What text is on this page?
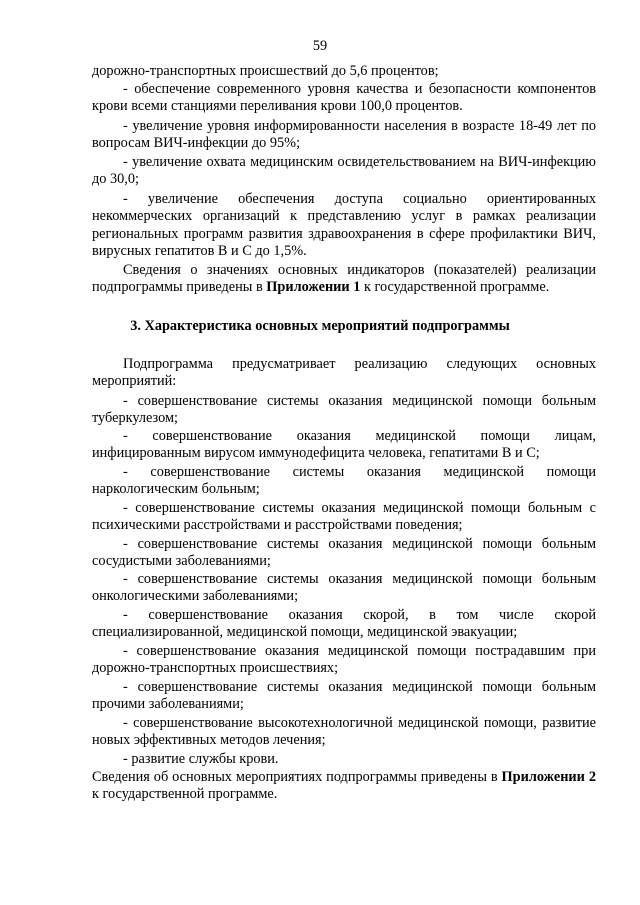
59
дорожно-транспортных происшествий до 5,6 процентов;
- обеспечение современного уровня качества и безопасности компонентов крови всеми станциями переливания крови 100,0 процентов.
- увеличение уровня информированности населения в возрасте 18-49 лет по вопросам ВИЧ-инфекции до 95%;
- увеличение охвата медицинским освидетельствованием на ВИЧ-инфекцию до 30,0;
- увеличение обеспечения доступа социально ориентированных некоммерческих организаций к представлению услуг в рамках реализации региональных программ развития здравоохранения в сфере профилактики ВИЧ, вирусных гепатитов В и С до 1,5%.

Сведения о значениях основных индикаторов (показателей) реализации подпрограммы приведены в Приложении 1 к государственной программе.

3. Характеристика основных мероприятий подпрограммы
Подпрограмма предусматривает реализацию следующих основных мероприятий:
- совершенствование системы оказания медицинской помощи больным туберкулезом;
- совершенствование оказания медицинской помощи лицам, инфицированным вирусом иммунодефицита человека, гепатитами В и С;
- совершенствование системы оказания медицинской помощи наркологическим больным;
- совершенствование системы оказания медицинской помощи больным с психическими расстройствами и расстройствами поведения;
- совершенствование системы оказания медицинской помощи больным сосудистыми заболеваниями;
- совершенствование системы оказания медицинской помощи больным онкологическими заболеваниями;
- совершенствование оказания скорой, в том числе скорой специализированной, медицинской помощи, медицинской эвакуации;
- совершенствование оказания медицинской помощи пострадавшим при дорожно-транспортных происшествиях;
- совершенствование системы оказания медицинской помощи больным прочими заболеваниями;
- совершенствование высокотехнологичной медицинской помощи, развитие новых эффективных методов лечения;
- развитие службы крови.

Сведения об основных мероприятиях подпрограммы приведены в Приложении 2 к государственной программе.
